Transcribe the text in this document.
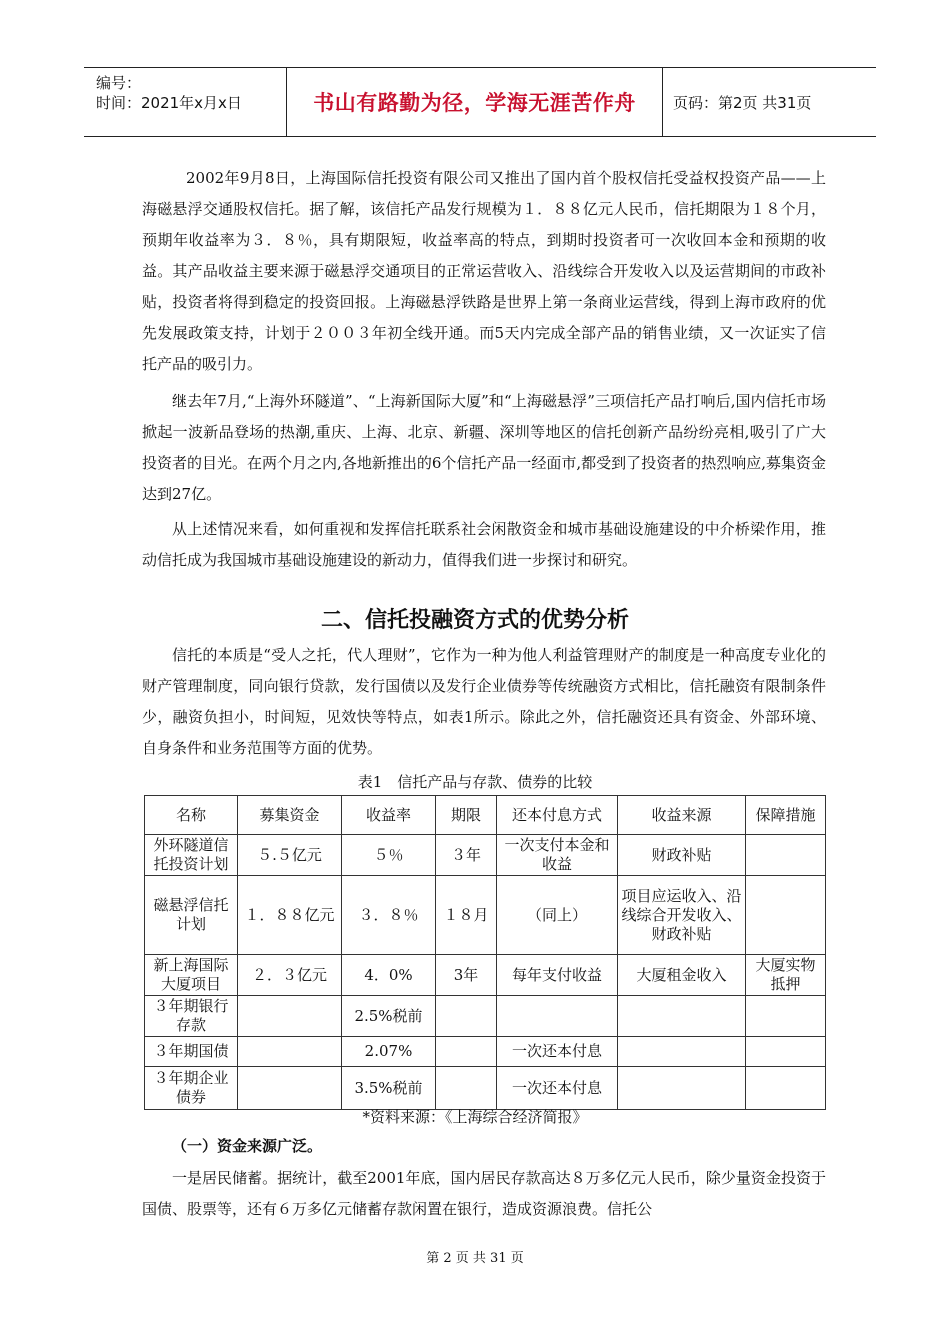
编号：
时间：2021年x月x日	书山有路勤为径，学海无涯苦作舟	页码：第2页 共31页

2002年9月8日，上海国际信托投资有限公司又推出了国内首个股权信托受益权投资产品——上海磁悬浮交通股权信托。据了解，该信托产品发行规模为１．８８亿元人民币，信托期限为１８个月，预期年收益率为３．８％，具有期限短，收益率高的特点，到期时投资者可一次收回本金和预期的收益。其产品收益主要来源于磁悬浮交通项目的正常运营收入、沿线综合开发收入以及运营期间的市政补贴，投资者将得到稳定的投资回报。上海磁悬浮铁路是世界上第一条商业运营线，得到上海市政府的优先发展政策支持，计划于２００３年初全线开通。而5天内完成全部产品的销售业绩，又一次证实了信托产品的吸引力。

继去年7月,“上海外环隧道”、“上海新国际大厦”和“上海磁悬浮”三项信托产品打响后,国内信托市场掀起一波新品登场的热潮,重庆、上海、北京、新疆、深圳等地区的信托创新产品纷纷亮相,吸引了广大投资者的目光。在两个月之内,各地新推出的6个信托产品一经面市,都受到了投资者的热烈响应,募集资金达到27亿。

从上述情况来看，如何重视和发挥信托联系社会闲散资金和城市基础设施建设的中介桥梁作用，推动信托成为我国城市基础设施建设的新动力，值得我们进一步探讨和研究。

二、信托投融资方式的优势分析

信托的本质是“受人之托，代人理财”，它作为一种为他人利益管理财产的制度是一种高度专业化的财产管理制度，同向银行贷款，发行国债以及发行企业债券等传统融资方式相比，信托融资有限制条件少，融资负担小，时间短，见效快等特点，如表1所示。除此之外，信托融资还具有资金、外部环境、自身条件和业务范围等方面的优势。

表1　信托产品与存款、债券的比较
名称	募集资金	收益率	期限	还本付息方式	收益来源	保障措施
外环隧道信托投资计划	５.５亿元	５％	３年	一次支付本金和收益	财政补贴	
磁悬浮信托计划	１．８８亿元	３．８％	１８月	（同上）	项目应运收入、沿线综合开发收入、财政补贴	
新上海国际大厦项目	２．３亿元	4．0%	3年	每年支付收益	大厦租金收入	大厦实物抵押
３年期银行存款		2.5%税前				
３年期国债		2.07%		一次还本付息		
３年期企业债券		3.5%税前		一次还本付息		
*资料来源：《上海综合经济简报》
（一）资金来源广泛。

一是居民储蓄。据统计，截至2001年底，国内居民存款高达８万多亿元人民币，除少量资金投资于国债、股票等，还有６万多亿元储蓄存款闲置在银行，造成资源浪费。信托公

第 2 页 共 31 页
